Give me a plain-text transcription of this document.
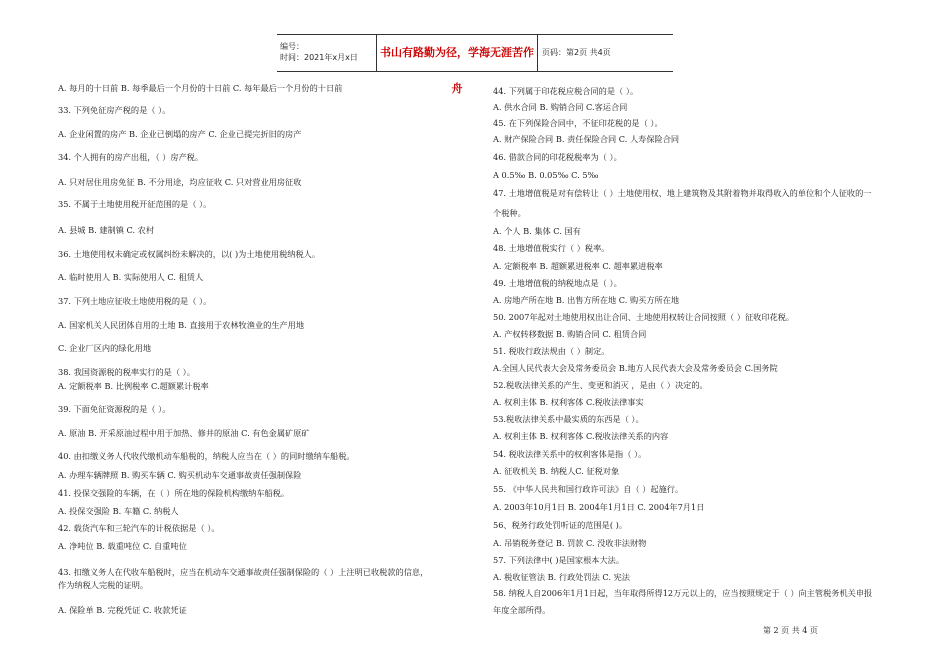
编号：
时间：2021年x月x日	书山有路勤为径，学海无涯苦作舟
页码：第2页 共4页
A. 每月的十日前 B. 每季最后一个月份的十日前 C. 每年最后一个月份的十日前
33. 下列免征房产税的是（ ）。
A. 企业闲置的房产 B. 企业已倒塌的房产 C. 企业已提完折旧的房产
34. 个人拥有的房产出租，（ ）房产税。
A. 只对居住用房免征 B. 不分用途，均应征收 C. 只对营业用房征收
35. 不属于土地使用税开征范围的是（ ）。
A. 县城 B. 建制镇 C. 农村
36. 土地使用权未确定或权属纠纷未解决的，以( )为土地使用税纳税人。
A. 临时使用人 B. 实际使用人 C. 租赁人
37. 下列土地应征收土地使用税的是（ ）。
A. 国家机关人民团体自用的土地 B. 直接用于农林牧渔业的生产用地
C. 企业厂区内的绿化用地
38. 我国资源税的税率实行的是（ ）。
A. 定额税率 B. 比例税率 C.超额累计税率
39. 下面免征资源税的是（ ）。
A. 原油 B. 开采原油过程中用于加热、修井的原油 C. 有色金属矿原矿
40. 由扣缴义务人代收代缴机动车船税的，纳税人应当在（ ）的同时缴纳车船税。
A. 办理车辆牌照 B. 购买车辆 C. 购买机动车交通事故责任强制保险
41. 投保交强险的车辆，在（ ）所在地的保险机构缴纳车船税。
A. 投保交强险 B. 车籍 C. 纳税人
42. 载货汽车和三轮汽车的计税依据是（ ）。
A. 净吨位 B. 载重吨位 C. 自重吨位
43. 扣缴义务人在代收车船税时，应当在机动车交通事故责任强制保险的（ ）上注明已收税款的信息，
作为纳税人完税的证明。
A. 保险单 B. 完税凭证 C. 收款凭证
44. 下列属于印花税应税合同的是（ ）。
A. 供水合同 B. 购销合同 C.客运合同
45. 在下列保险合同中，不征印花税的是（ ）。
A. 财产保险合同 B. 责任保险合同 C. 人寿保险合同
46. 借款合同的印花税税率为（ ）。
A 0.5‰ B. 0.05‰ C. 5‰
47. 土地增值税是对有偿转让（ ）土地使用权、地上建筑物及其附着物并取得收入的单位和个人征收的一
个税种。
A. 个人 B. 集体 C. 国有
48. 土地增值税实行（ ）税率。
A. 定额税率 B. 超额累进税率 C. 超率累进税率
49. 土地增值税的纳税地点是（ ）。
A. 房地产所在地 B. 出售方所在地 C. 购买方所在地
50. 2007年起对土地使用权出让合同、土地使用权转让合同按照（ ）征收印花税。
A. 产权转移数据 B. 购销合同 C. 租赁合同
51. 税收行政法规由（ ）制定。
A.全国人民代表大会及常务委员会 B.地方人民代表大会及常务委员会 C.国务院
52.税收法律关系的产生、变更和消灭 ，是由（ ）决定的。
A. 权利主体 B. 权利客体 C.税收法律事实
53.税收法律关系中最实质的东西是（ ）。
A. 权利主体 B. 权利客体 C.税收法律关系的内容
54. 税收法律关系中的权利客体是指（ ）。
A. 征收机关 B. 纳税人C. 征税对象
55. 《中华人民共和国行政许可法》自（ ）起施行。
A. 2003年10月1日 B. 2004年1月1日 C. 2004年7月1日
56、税务行政处罚听证的范围是( )。
A. 吊销税务登记 B. 罚款 C. 没收非法财物
57. 下列法律中( )是国家根本大法。
A. 税收征管法 B. 行政处罚法 C. 宪法
58. 纳税人自2006年1月1日起，当年取得所得12万元以上的，应当按照规定于（ ）向主管税务机关申报
年度全部所得。
第 2 页 共 4 页
